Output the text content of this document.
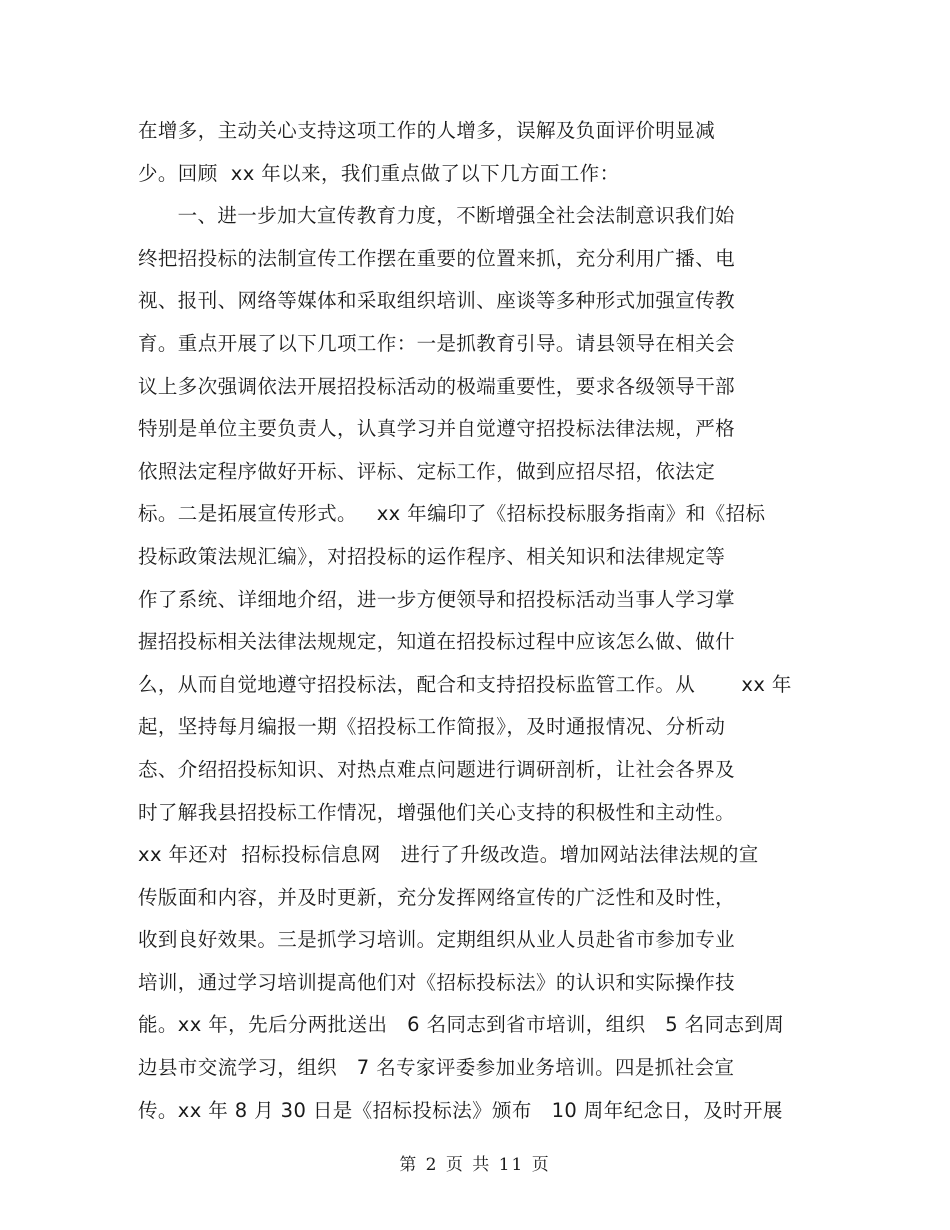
在增多，主动关心支持这项工作的人增多，误解及负面评价明显减
少。回顾  xx 年以来，我们重点做了以下几方面工作：
一、进一步加大宣传教育力度，不断增强全社会法制意识我们始
终把招投标的法制宣传工作摆在重要的位置来抓，充分利用广播、电
视、报刊、网络等媒体和采取组织培训、座谈等多种形式加强宣传教
育。重点开展了以下几项工作：一是抓教育引导。请县领导在相关会
议上多次强调依法开展招投标活动的极端重要性，要求各级领导干部
特别是单位主要负责人，认真学习并自觉遵守招投标法律法规，严格
依照法定程序做好开标、评标、定标工作，做到应招尽招，依法定
标。二是拓展宣传形式。   xx 年编印了《招标投标服务指南》和《招标
投标政策法规汇编》，对招投标的运作程序、相关知识和法律规定等
作了系统、详细地介绍，进一步方便领导和招投标活动当事人学习掌
握招投标相关法律法规规定，知道在招投标过程中应该怎么做、做什
么，从而自觉地遵守招投标法，配合和支持招投标监管工作。从       xx 年
起，坚持每月编报一期《招投标工作简报》，及时通报情况、分析动
态、介绍招投标知识、对热点难点问题进行调研剖析，让社会各界及
时了解我县招投标工作情况，增强他们关心支持的积极性和主动性。
xx 年还对  招标投标信息网   进行了升级改造。增加网站法律法规的宣
传版面和内容，并及时更新，充分发挥网络宣传的广泛性和及时性，
收到良好效果。三是抓学习培训。定期组织从业人员赴省市参加专业
培训，通过学习培训提高他们对《招标投标法》的认识和实际操作技
能。xx 年，先后分两批送出   6 名同志到省市培训，组织   5 名同志到周
边县市交流学习，组织   7 名专家评委参加业务培训。四是抓社会宣
传。xx 年 8 月 30 日是《招标投标法》颁布   10 周年纪念日，及时开展
第 2 页 共 11 页
